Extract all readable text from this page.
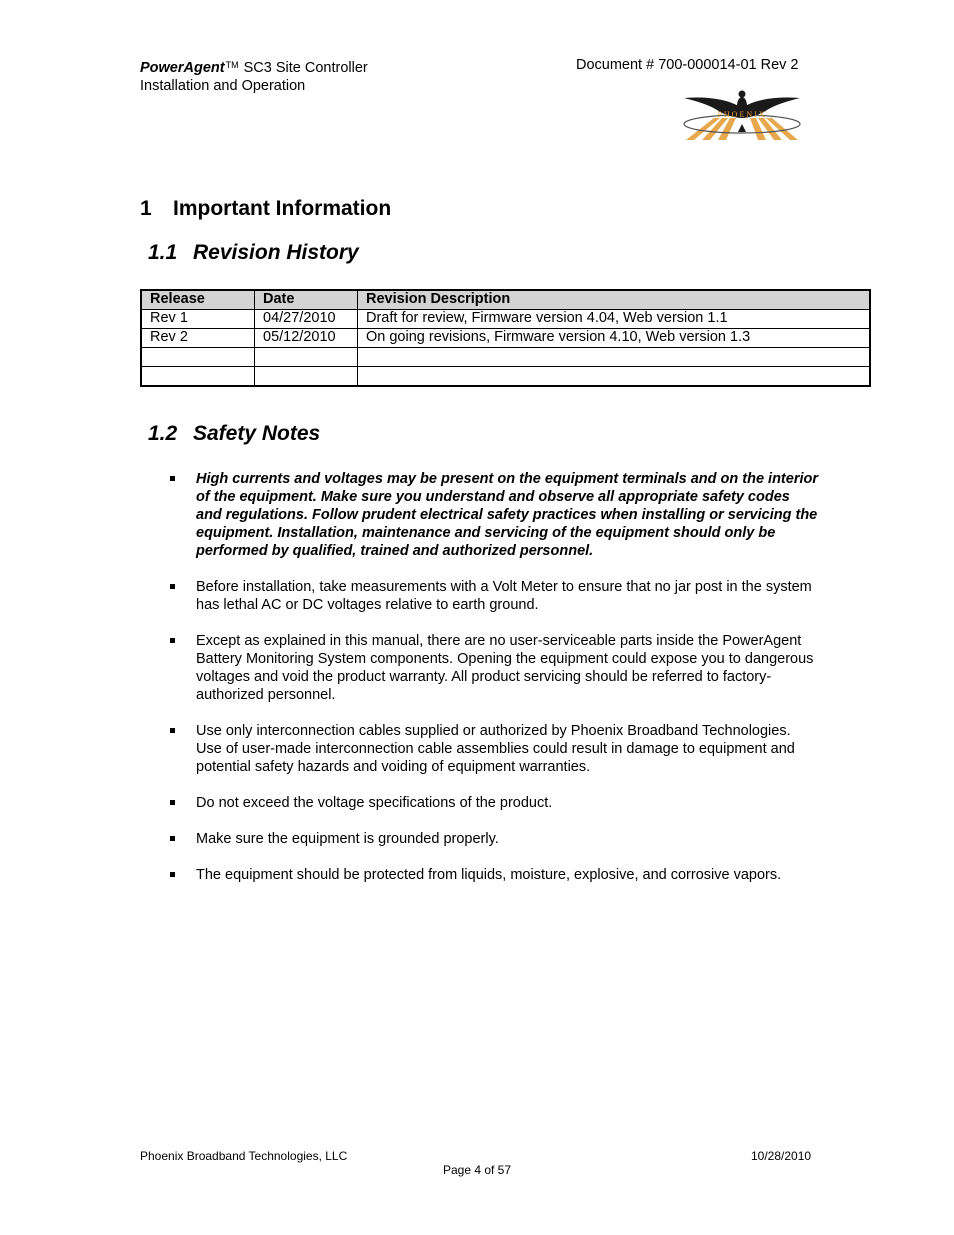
PowerAgent™ SC3 Site Controller
Installation and Operation
Document # 700-000014-01 Rev 2
PHOENIX
1 Important Information
1.1 Revision History
Release	Date	Revision Description
Rev 1	04/27/2010	Draft for review, Firmware version 4.04, Web version 1.1
Rev 2	05/12/2010	On going revisions, Firmware version 4.10, Web version 1.3

1.2 Safety Notes
High currents and voltages may be present on the equipment terminals and on the interior of the equipment. Make sure you understand and observe all appropriate safety codes and regulations. Follow prudent electrical safety practices when installing or servicing the equipment. Installation, maintenance and servicing of the equipment should only be performed by qualified, trained and authorized personnel.
Before installation, take measurements with a Volt Meter to ensure that no jar post in the system has lethal AC or DC voltages relative to earth ground.
Except as explained in this manual, there are no user-serviceable parts inside the PowerAgent Battery Monitoring System components. Opening the equipment could expose you to dangerous voltages and void the product warranty. All product servicing should be referred to factory-authorized personnel.
Use only interconnection cables supplied or authorized by Phoenix Broadband Technologies. Use of user-made interconnection cable assemblies could result in damage to equipment and potential safety hazards and voiding of equipment warranties.
Do not exceed the voltage specifications of the product.
Make sure the equipment is grounded properly.
The equipment should be protected from liquids, moisture, explosive, and corrosive vapors.
Phoenix Broadband Technologies, LLC	10/28/2010
Page 4 of 57
